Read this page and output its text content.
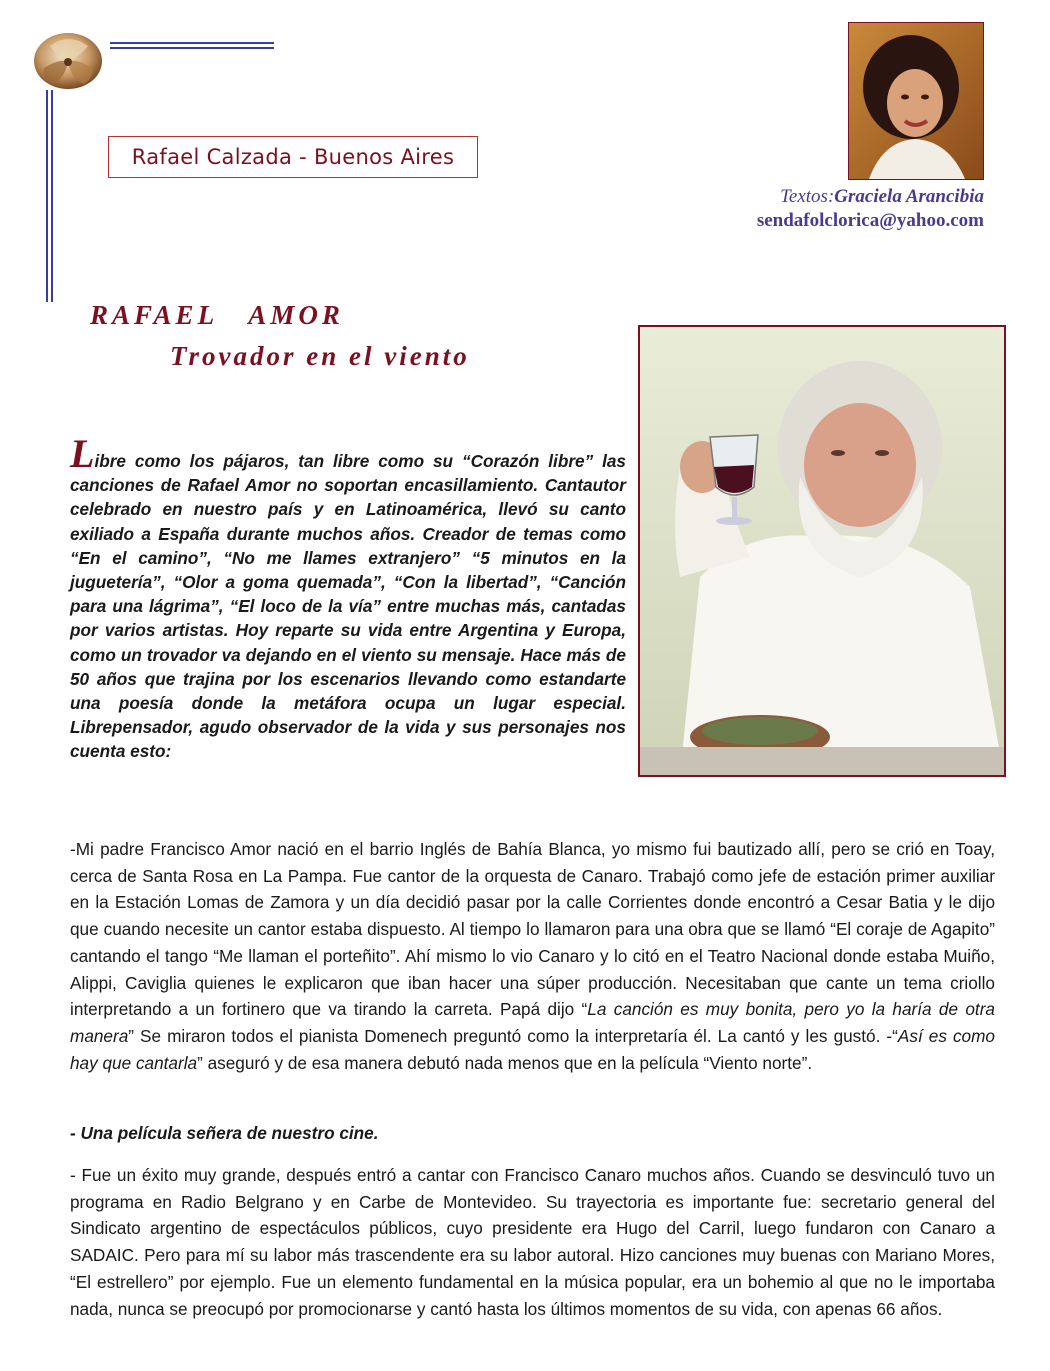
Rafael Calzada - Buenos Aires
Textos:Graciela Arancibia
sendafolclorica@yahoo.com
RAFAEL   AMOR
Trovador en el viento

Libre como los pájaros, tan libre como su “Corazón libre” las canciones de Rafael Amor no soportan encasillamiento. Cantautor celebrado en nuestro país y en Latinoamérica, llevó su canto exiliado a España durante muchos años. Creador de temas como “En el camino”, “No me llames extranjero” “5 minutos en la juguetería”, “Olor a goma quemada”, “Con la libertad”, “Canción para una lágrima”, “El loco de la vía” entre muchas más, cantadas por varios artistas. Hoy reparte su vida entre Argentina y Europa, como un trovador va dejando en el viento su mensaje. Hace más de 50 años que trajina por los escenarios llevando como estandarte una poesía donde la metáfora ocupa un lugar especial. Librepensador, agudo observador de la vida y sus personajes nos cuenta esto:

-Mi padre Francisco Amor nació en el barrio Inglés de Bahía Blanca, yo mismo fui bautizado allí, pero se crió en Toay, cerca de Santa Rosa en La Pampa. Fue cantor de la orquesta de Canaro. Trabajó como jefe de estación primer auxiliar en la Estación Lomas de Zamora y un día decidió pasar por la calle Corrientes donde encontró a Cesar Batia y le dijo que cuando necesite un cantor estaba dispuesto. Al tiempo lo llamaron para una obra que se llamó “El coraje de Agapito” cantando el tango “Me llaman el porteñito”. Ahí mismo lo vio Canaro y lo citó en el Teatro Nacional donde estaba Muiño, Alippi, Caviglia quienes le explicaron que iban hacer una súper producción. Necesitaban que cante un tema criollo interpretando a un fortinero que va tirando la carreta. Papá dijo “La canción es muy bonita, pero yo la haría de otra manera” Se miraron todos el pianista Domenech preguntó como la interpretaría él. La cantó y les gustó. -“Así es como hay que cantarla” aseguró y de esa manera debutó nada menos que en la película “Viento norte”.

- Una película señera de nuestro cine.

- Fue un éxito muy grande, después entró a cantar con Francisco Canaro muchos años. Cuando se desvinculó tuvo un programa en Radio Belgrano y en Carbe de Montevideo. Su trayectoria es importante fue: secretario general del Sindicato argentino de espectáculos públicos, cuyo presidente era Hugo del Carril, luego fundaron con Canaro a SADAIC. Pero para mí su labor más trascendente era su labor autoral. Hizo canciones muy buenas con Mariano Mores, “El estrellero” por ejemplo. Fue un elemento fundamental en la música popular, era un bohemio al que no le importaba nada, nunca se preocupó por promocionarse y cantó hasta los últimos momentos de su vida, con apenas 66 años.
